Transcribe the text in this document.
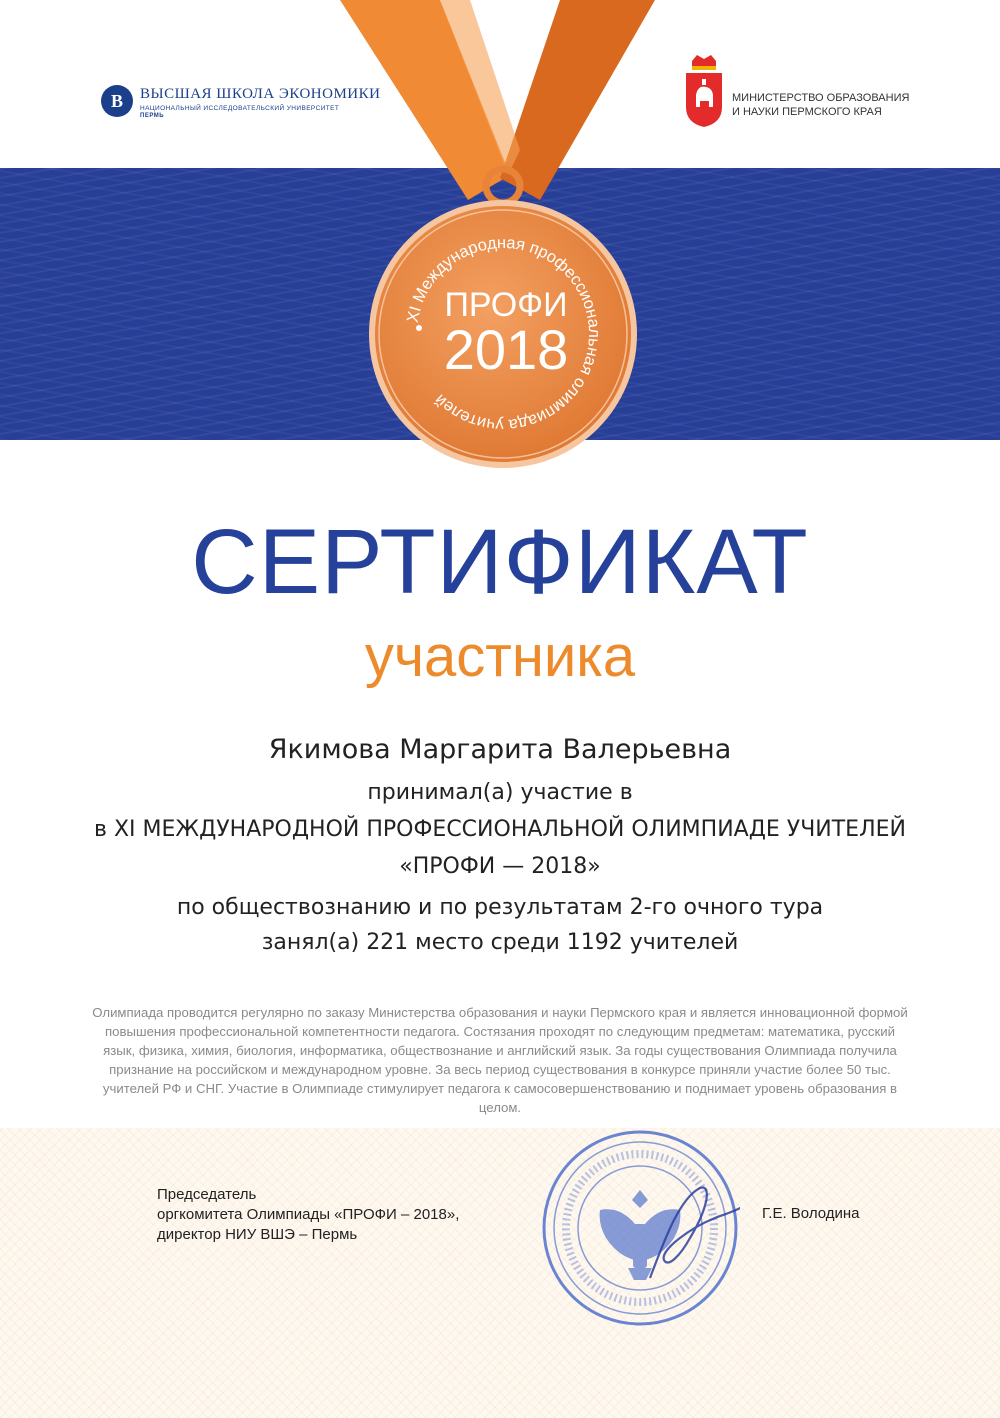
В ВЫСШАЯ ШКОЛА ЭКОНОМИКИ
НАЦИОНАЛЬНЫЙ ИССЛЕДОВАТЕЛЬСКИЙ УНИВЕРСИТЕТ
ПЕРМЬ
МИНИСТЕРСТВО ОБРАЗОВАНИЯ
И НАУКИ ПЕРМСКОГО КРАЯ
XI Международная профессиональная олимпиада учителей
ПРОФИ
2018
СЕРТИФИКАТ
участника
Якимова Маргарита Валерьевна
принимал(а) участие в
в XI МЕЖДУНАРОДНОЙ ПРОФЕССИОНАЛЬНОЙ ОЛИМПИАДЕ УЧИТЕЛЕЙ
«ПРОФИ — 2018»
по обществознанию и по результатам 2-го очного тура
занял(а) 221 место среди 1192 учителей
Олимпиада проводится регулярно по заказу Министерства образования и науки Пермского края и является инновационной формой повышения профессиональной компетентности педагога. Состязания проходят по следующим предметам: математика, русский язык, физика, химия, биология, информатика, обществознание и английский язык. За годы существования Олимпиада получила признание на российском и международном уровне. За весь период существования в конкурсе приняли участие более 50 тыс. учителей РФ и СНГ. Участие в Олимпиаде стимулирует педагога к самосовершенствованию и поднимает уровень образования в целом.
Председатель
оргкомитета Олимпиады «ПРОФИ – 2018»,
директор НИУ ВШЭ – Пермь
Г.Е. Володина
